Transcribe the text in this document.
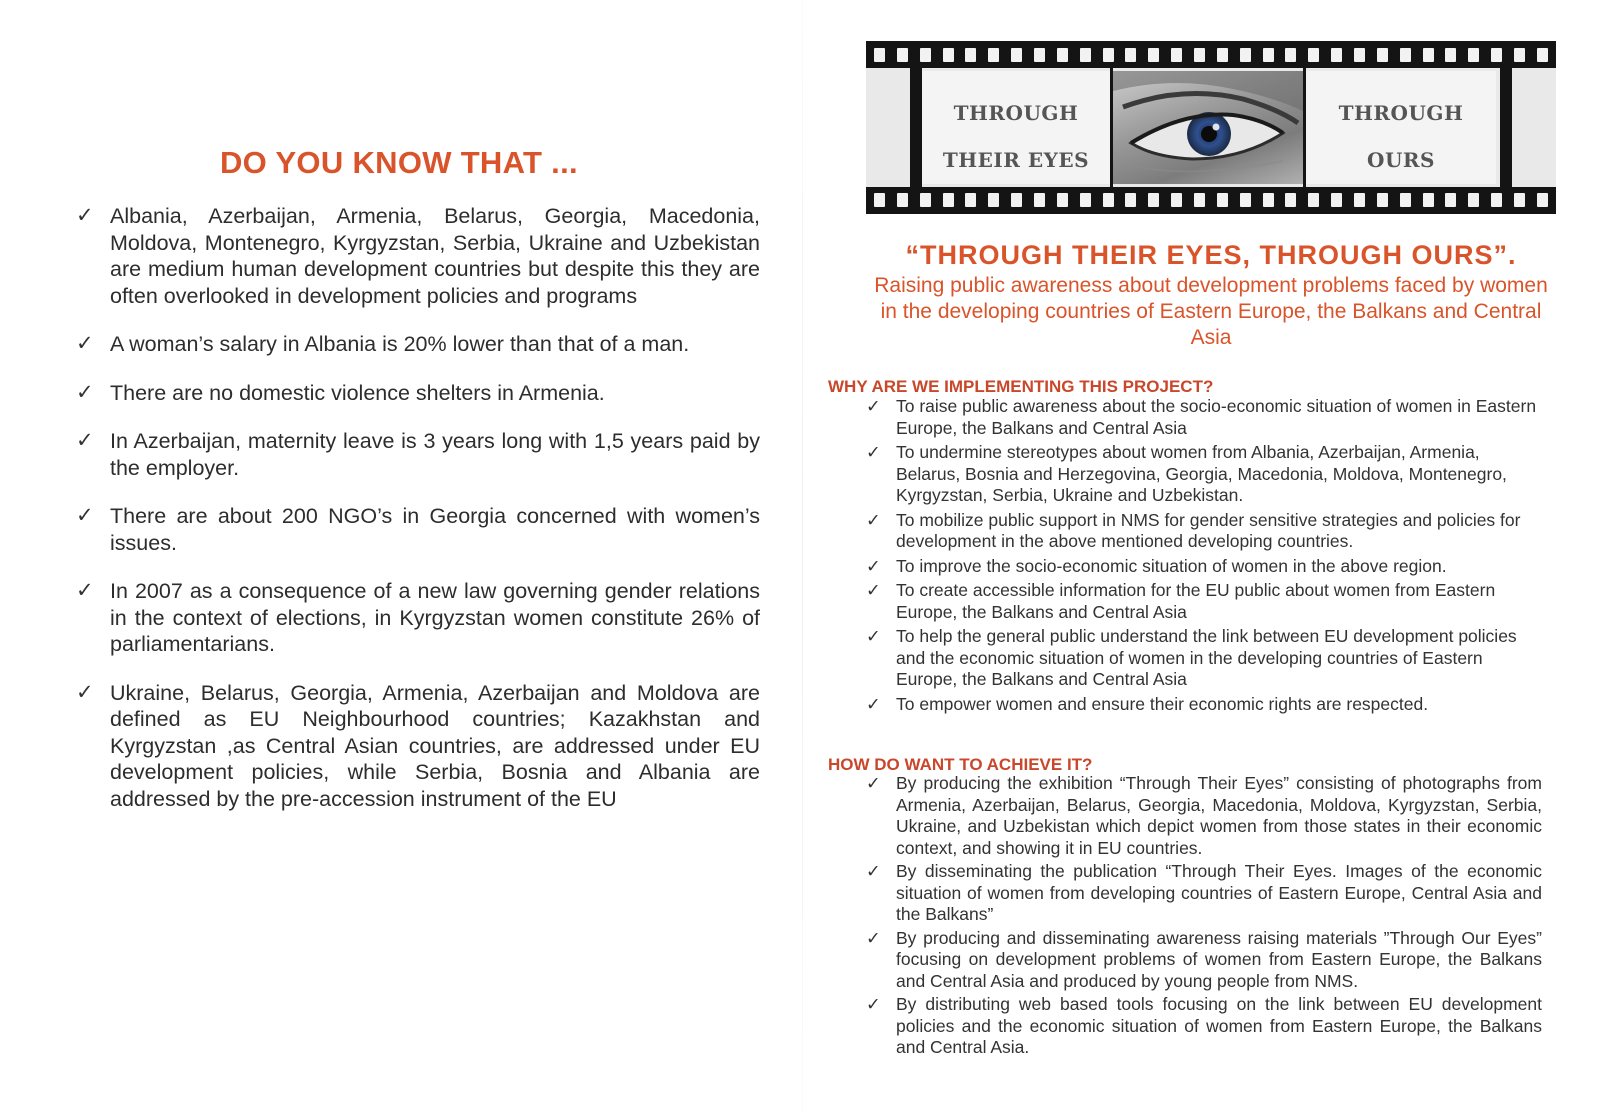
DO YOU KNOW THAT ...
✓ Albania, Azerbaijan, Armenia, Belarus, Georgia, Macedonia, Moldova, Montenegro, Kyrgyzstan, Serbia, Ukraine and Uzbekistan are medium human development countries but despite this they are often overlooked in development policies and programs
✓ A woman’s salary in Albania is 20% lower than that of a man.
✓ There are no domestic violence shelters in Armenia.
✓ In Azerbaijan, maternity leave is 3 years long with 1,5 years paid by the employer.
✓ There are about 200 NGO’s in Georgia concerned with women’s issues.
✓ In 2007 as a consequence of a new law governing gender relations in the context of elections, in Kyrgyzstan women constitute 26% of parliamentarians.
✓ Ukraine, Belarus, Georgia, Armenia, Azerbaijan and Moldova are defined as EU Neighbourhood countries; Kazakhstan and Kyrgyzstan ,as Central Asian countries, are addressed under EU development policies, while Serbia, Bosnia and Albania are addressed by the pre-accession instrument of the EU
THROUGH
THEIR EYES
THROUGH
OURS
“THROUGH THEIR EYES, THROUGH OURS”.
Raising public awareness about development problems faced by women in the developing countries of Eastern Europe, the Balkans and Central Asia
WHY ARE WE IMPLEMENTING THIS PROJECT?
✓ To raise public awareness about the socio-economic situation of women in Eastern Europe, the Balkans and Central Asia
✓ To undermine stereotypes about women from Albania, Azerbaijan, Armenia, Belarus, Bosnia and Herzegovina, Georgia, Macedonia, Moldova, Montenegro, Kyrgyzstan, Serbia, Ukraine and Uzbekistan.
✓ To mobilize public support in NMS for gender sensitive strategies and policies for development in the above mentioned developing countries.
✓ To improve the socio-economic situation of women in the above region.
✓ To create accessible information for the EU public about women from Eastern Europe, the Balkans and Central Asia
✓ To help the general public understand the link between EU development policies and the economic situation of women in the developing countries of Eastern Europe, the Balkans and Central Asia
✓ To empower women and ensure their economic rights are respected.
HOW DO WANT TO ACHIEVE IT?
✓ By producing the exhibition “Through Their Eyes” consisting of photographs from Armenia, Azerbaijan, Belarus, Georgia, Macedonia, Moldova, Kyrgyzstan, Serbia, Ukraine, and Uzbekistan which depict women from those states in their economic context, and showing it in EU countries.
✓ By disseminating the publication “Through Their Eyes. Images of the economic situation of women from developing countries of Eastern Europe, Central Asia and the Balkans”
✓ By producing and disseminating awareness raising materials ”Through Our Eyes” focusing on development problems of women from Eastern Europe, the Balkans and Central Asia and produced by young people from NMS.
✓ By distributing web based tools focusing on the link between EU development policies and the economic situation of women from Eastern Europe, the Balkans and Central Asia.
